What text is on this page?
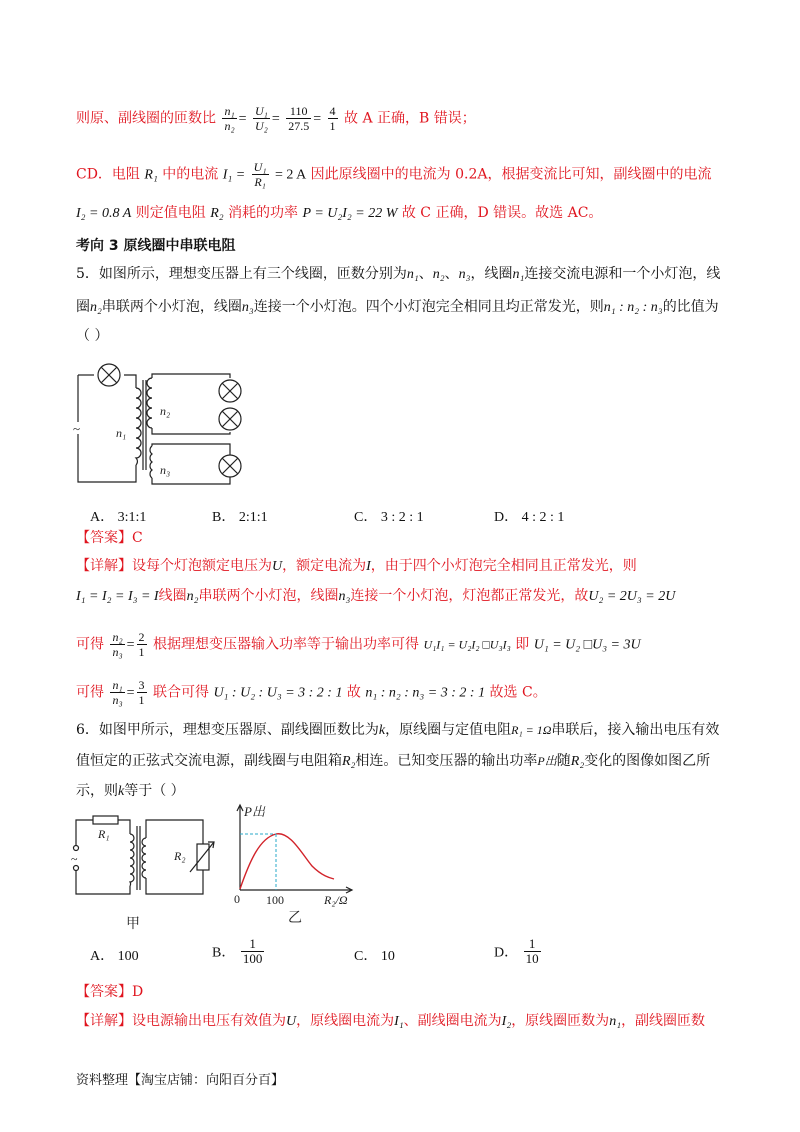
则原、副线圈的匝数比 $\frac{\text{n₁}}{\text{n₂}} = \frac{\text{U₁}}{\text{U₂}} = \frac{110}{27.5} = \frac{4}{1}$ 故 A 正确，B 错误；
CD．电阻 R₁ 中的电流 $I_1 = \frac{\text{U₁}}{\text{R₁}} = 2$ A 因此原线圈中的电流为 0.2A，根据变流比可知，副线圈中的电流
I₂ = 0.8 A 则定值电阻 R₂ 消耗的功率 P = U₂I₂ = 22 W 故 C 正确，D 错误。故选 AC。
考向 3 原线圈中串联电阻
5．如图所示，理想变压器上有三个线圈，匝数分别为n₁、n₂、n₃，线圈n₁连接交流电源和一个小灯泡，线
圈n₂串联两个小灯泡，线圈n₃连接一个小灯泡。四个小灯泡完全相同且均正常发光，则n₁ : n₂ : n₃的比值为
（ ）
~	n₁
n₂
n₃
A． 3:1:1	B． 2:1:1	C． 3 : 2 : 1	D． 4 : 2 : 1
【答案】C
【详解】设每个灯泡额定电压为U，额定电流为I，由于四个小灯泡完全相同且正常发光，则
I₁ = I₂ = I₃ = I线圈n₂串联两个小灯泡，线圈n₃连接一个小灯泡，灯泡都正常发光，故U₂ = 2U₃ = 2U
可得 $\frac{\text{n₂}}{\text{n₃}} = \frac{2}{1}$ 根据理想变压器输入功率等于输出功率可得 U₁I₁ = U₂I₂ □U₃I₃ 即 U₁ = U₂ □U₃ = 3U
可得 $\frac{\text{n₁}}{\text{n₃}} = \frac{3}{1}$ 联合可得 U₁ : U₂ : U₃ = 3 : 2 : 1 故 n₁ : n₂ : n₃ = 3 : 2 : 1 故选 C。
6．如图甲所示，理想变压器原、副线圈匝数比为k，原线圈与定值电阻R₁ = 1Ω串联后，接入输出电压有效
值恒定的正弦式交流电源，副线圈与电阻箱R₂相连。已知变压器的输出功率P出随R₂变化的图像如图乙所
示，则k等于（ ）
~
R₁
R₂
甲
P出
0 100	R₂/Ω
乙
A． 100	B． $\frac{1}{100}$	C． 10	D． $\frac{1}{10}$
【答案】D
【详解】设电源输出电压有效值为U，原线圈电流为I₁、副线圈电流为I₂，原线圈匝数为n₁，副线圈匝数
资料整理【淘宝店铺：向阳百分百】
